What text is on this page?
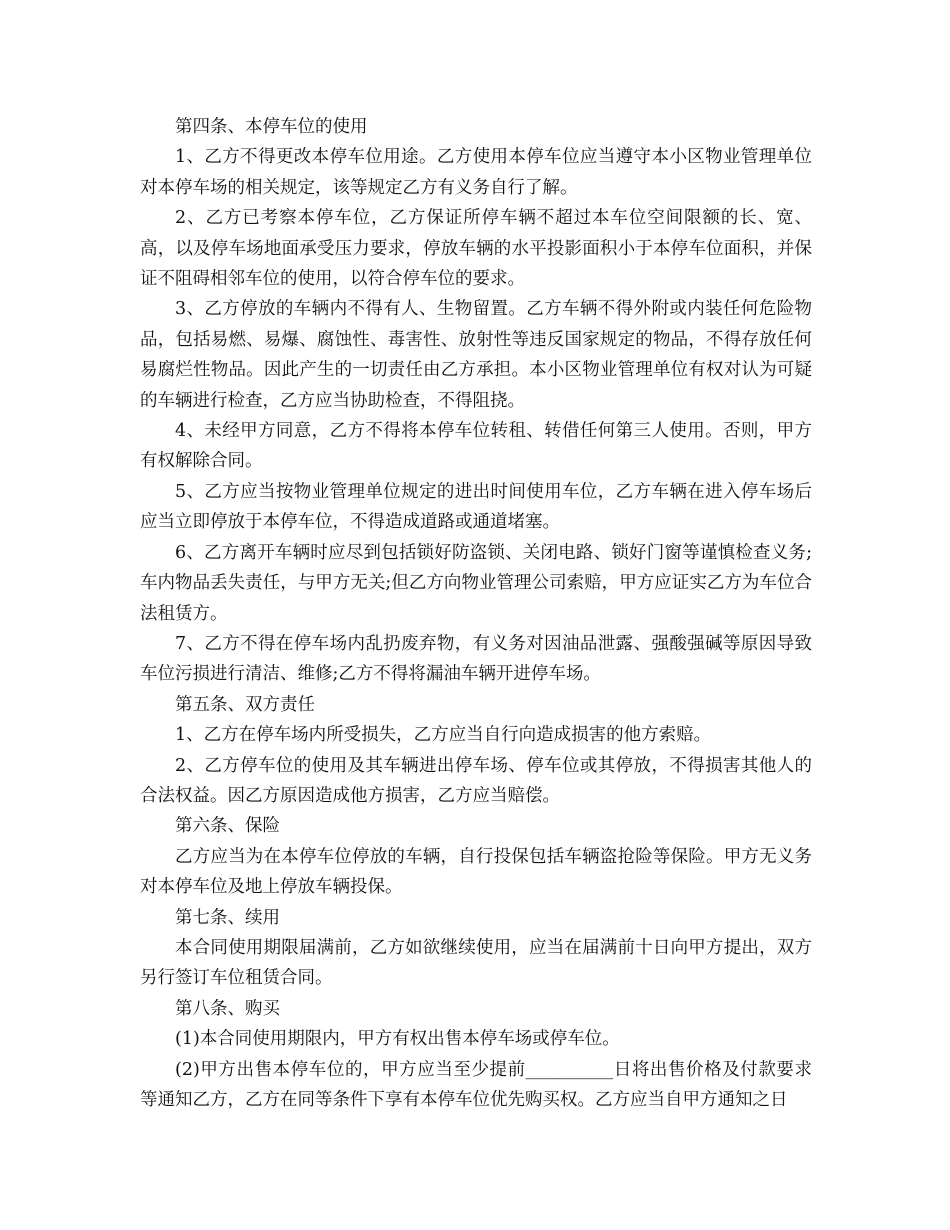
第四条、本停车位的使用

1、乙方不得更改本停车位用途。乙方使用本停车位应当遵守本小区物业管理单位对本停车场的相关规定，该等规定乙方有义务自行了解。

2、乙方已考察本停车位，乙方保证所停车辆不超过本车位空间限额的长、宽、高，以及停车场地面承受压力要求，停放车辆的水平投影面积小于本停车位面积，并保证不阻碍相邻车位的使用，以符合停车位的要求。

3、乙方停放的车辆内不得有人、生物留置。乙方车辆不得外附或内装任何危险物品，包括易燃、易爆、腐蚀性、毒害性、放射性等违反国家规定的物品，不得存放任何易腐烂性物品。因此产生的一切责任由乙方承担。本小区物业管理单位有权对认为可疑的车辆进行检查，乙方应当协助检查，不得阻挠。

4、未经甲方同意，乙方不得将本停车位转租、转借任何第三人使用。否则，甲方有权解除合同。

5、乙方应当按物业管理单位规定的进出时间使用车位，乙方车辆在进入停车场后应当立即停放于本停车位，不得造成道路或通道堵塞。

6、乙方离开车辆时应尽到包括锁好防盗锁、关闭电路、锁好门窗等谨慎检查义务;车内物品丢失责任，与甲方无关;但乙方向物业管理公司索赔，甲方应证实乙方为车位合法租赁方。

7、乙方不得在停车场内乱扔废弃物，有义务对因油品泄露、强酸强碱等原因导致车位污损进行清洁、维修;乙方不得将漏油车辆开进停车场。

第五条、双方责任

1、乙方在停车场内所受损失，乙方应当自行向造成损害的他方索赔。

2、乙方停车位的使用及其车辆进出停车场、停车位或其停放，不得损害其他人的合法权益。因乙方原因造成他方损害，乙方应当赔偿。

第六条、保险

乙方应当为在本停车位停放的车辆，自行投保包括车辆盗抢险等保险。甲方无义务对本停车位及地上停放车辆投保。

第七条、续用

本合同使用期限届满前，乙方如欲继续使用，应当在届满前十日向甲方提出，双方另行签订车位租赁合同。

第八条、购买

(1)本合同使用期限内，甲方有权出售本停车场或停车位。

(2)甲方出售本停车位的，甲方应当至少提前__________日将出售价格及付款要求等通知乙方，乙方在同等条件下享有本停车位优先购买权。乙方应当自甲方通知之日
